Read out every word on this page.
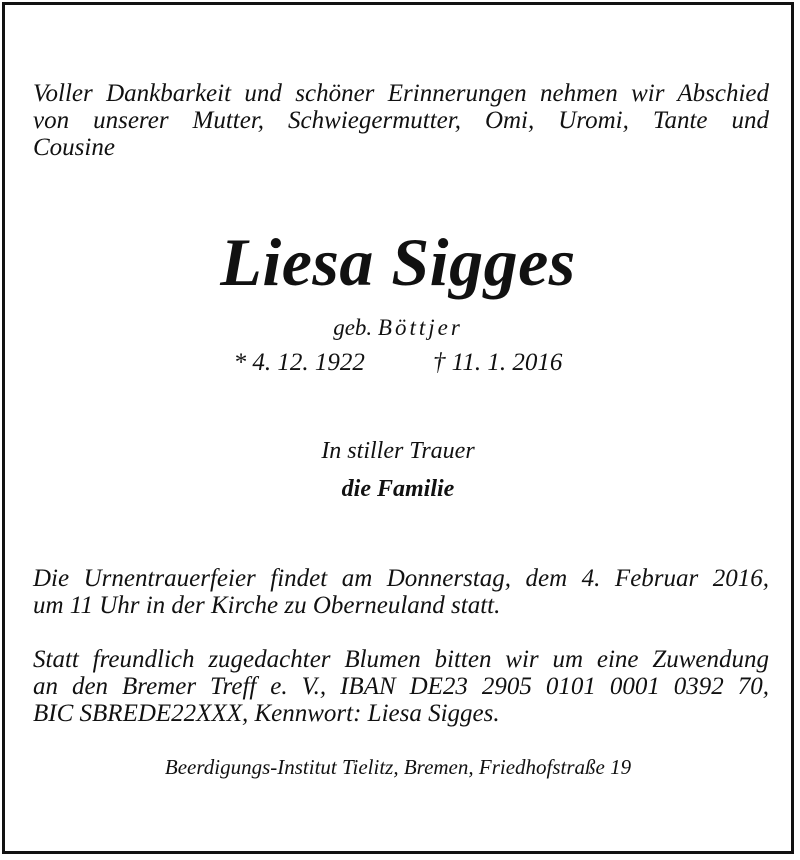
Voller Dankbarkeit und schöner Erinnerungen nehmen wir Abschied
von unserer Mutter, Schwiegermutter, Omi, Uromi, Tante und
Cousine
Liesa Sigges
geb. Böttjer
* 4. 12. 1922	† 11. 1. 2016
In stiller Trauer
die Familie
Die Urnentrauerfeier findet am Donnerstag, dem 4. Februar 2016,
um 11 Uhr in der Kirche zu Oberneuland statt.
Statt freundlich zugedachter Blumen bitten wir um eine Zuwendung
an den Bremer Treff e. V., IBAN DE23 2905 0101 0001 0392 70,
BIC SBREDE22XXX, Kennwort: Liesa Sigges.
Beerdigungs-Institut Tielitz, Bremen, Friedhofstraße 19
